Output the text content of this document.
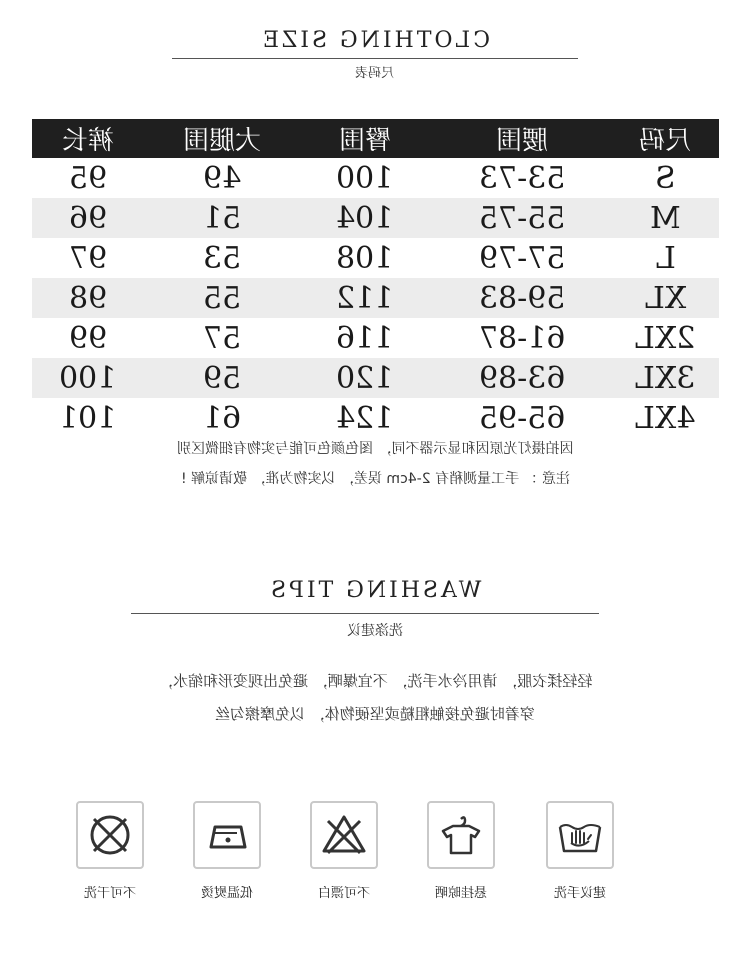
CLOTHING SIZE
尺码表
裤长	大腿围	臀围	腰围	尺码
95	49	100	53-73	S
96	51	104	55-75	M
97	53	108	57-79	L
98	55	112	59-83	XL
99	57	116	61-87 2XL
100	59	120	63-89 3XL
101	61	124	65-95 4XL
因拍摄灯光原因和显示器不同， 图色颜色可能与实物有细微区别
注意 ： 手工量测稍有 2-4cm 误差， 以实物为准， 敬请谅解 !
WASHING TIPS
洗涤建议
轻轻揉衣服， 请用冷水手洗， 不宜爆晒， 避免出现变形和缩水，
穿着时避免接触粗糙或坚硬物体， 以免摩擦勾丝
不可干洗	低温熨烫	不可漂白	悬挂晾晒	建议手洗
